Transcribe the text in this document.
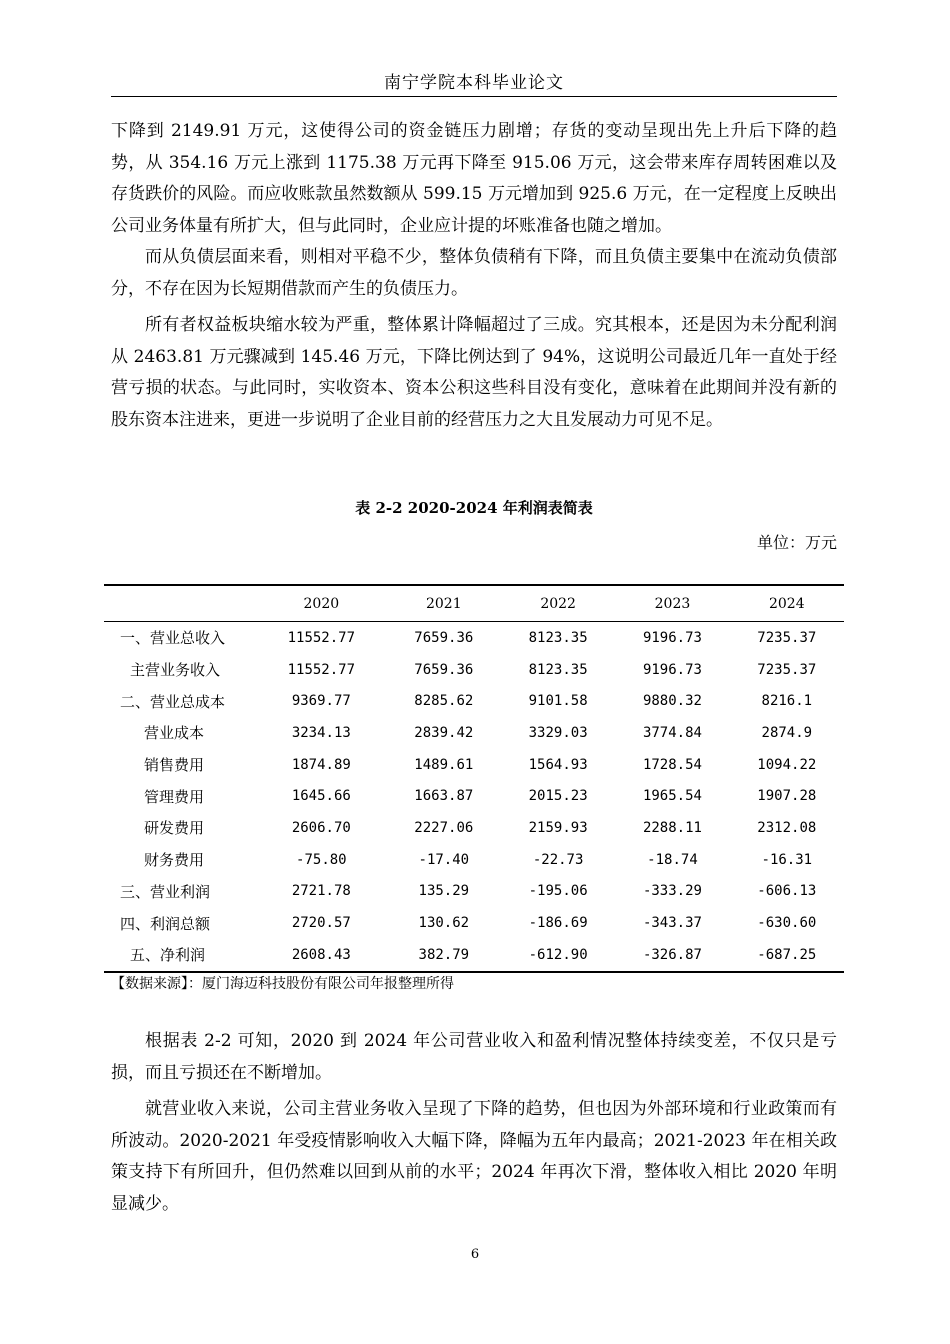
南宁学院本科毕业论文

下降到 2149.91 万元，这使得公司的资金链压力剧增；存货的变动呈现出先上升后下降的趋势，从 354.16 万元上涨到 1175.38 万元再下降至 915.06 万元，这会带来库存周转困难以及存货跌价的风险。而应收账款虽然数额从 599.15 万元增加到 925.6 万元，在一定程度上反映出公司业务体量有所扩大，但与此同时，企业应计提的坏账准备也随之增加。

而从负债层面来看，则相对平稳不少，整体负债稍有下降，而且负债主要集中在流动负债部分，不存在因为长短期借款而产生的负债压力。

所有者权益板块缩水较为严重，整体累计降幅超过了三成。究其根本，还是因为未分配利润从 2463.81 万元骤减到 145.46 万元，下降比例达到了 94%，这说明公司最近几年一直处于经营亏损的状态。与此同时，实收资本、资本公积这些科目没有变化，意味着在此期间并没有新的股东资本注进来，更进一步说明了企业目前的经营压力之大且发展动力可见不足。

表 2-2 2020-2024 年利润表简表
单位：万元
	2020	2021	2022	2023	2024
一、营业总收入	11552.77	7659.36	8123.35	9196.73	7235.37
主营业务收入	11552.77	7659.36	8123.35	9196.73	7235.37
二、营业总成本	9369.77	8285.62	9101.58	9880.32	8216.1
营业成本	3234.13	2839.42	3329.03	3774.84	2874.9
销售费用	1874.89	1489.61	1564.93	1728.54	1094.22
管理费用	1645.66	1663.87	2015.23	1965.54	1907.28
研发费用	2606.70	2227.06	2159.93	2288.11	2312.08
财务费用	-75.80	-17.40	-22.73	-18.74	-16.31
三、营业利润	2721.78	135.29	-195.06	-333.29	-606.13
四、利润总额	2720.57	130.62	-186.69	-343.37	-630.60
五、净利润	2608.43	382.79	-612.90	-326.87	-687.25
【数据来源】：厦门海迈科技股份有限公司年报整理所得

根据表 2-2 可知，2020 到 2024 年公司营业收入和盈利情况整体持续变差，不仅只是亏损，而且亏损还在不断增加。

就营业收入来说，公司主营业务收入呈现了下降的趋势，但也因为外部环境和行业政策而有所波动。2020-2021 年受疫情影响收入大幅下降，降幅为五年内最高；2021-2023 年在相关政策支持下有所回升，但仍然难以回到从前的水平；2024 年再次下滑，整体收入相比 2020 年明显减少。

6
